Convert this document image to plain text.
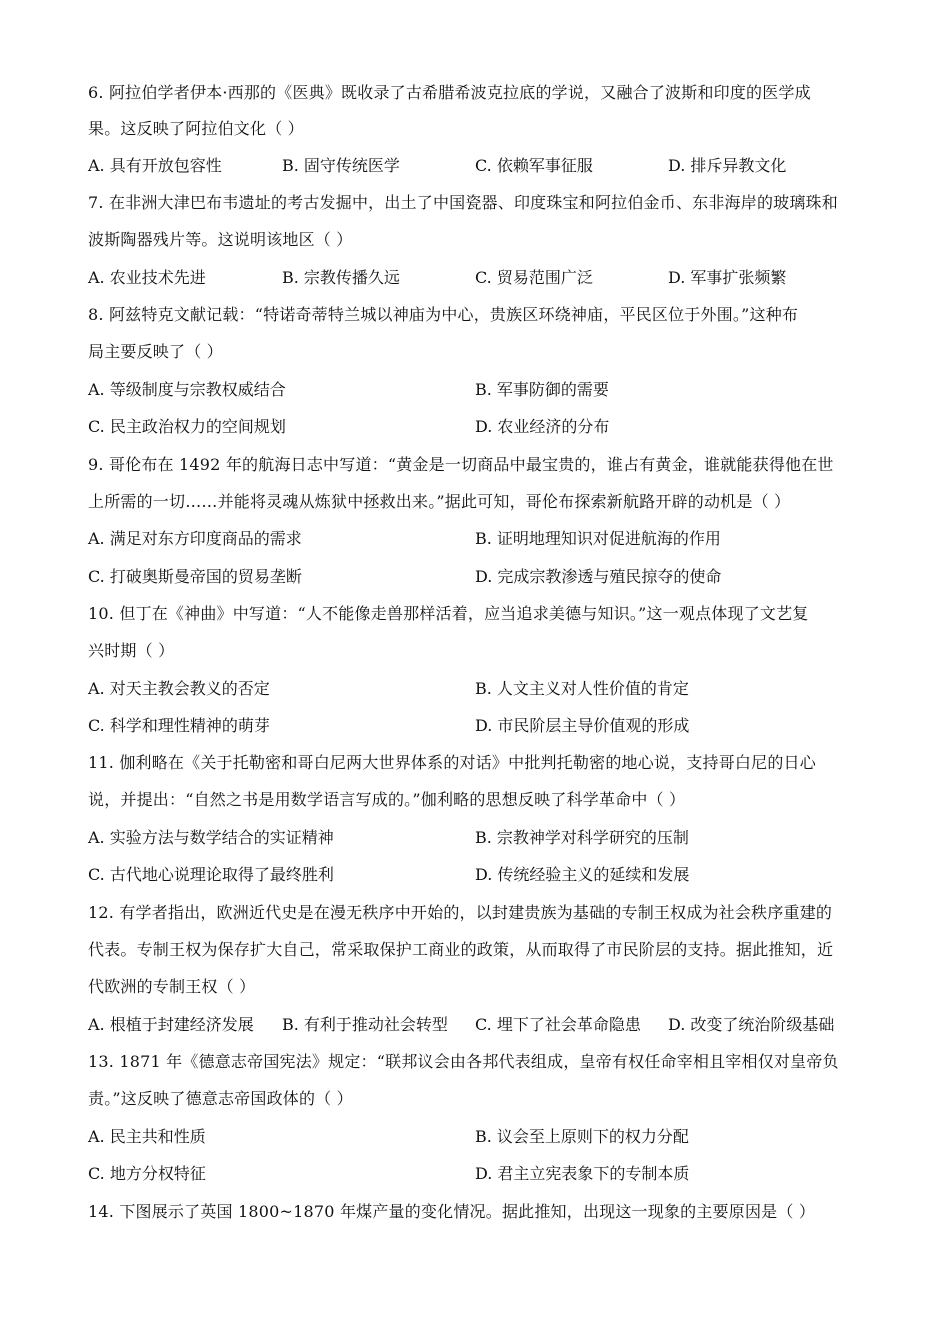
6. 阿拉伯学者伊本·西那的《医典》既收录了古希腊希波克拉底的学说，又融合了波斯和印度的医学成
果。这反映了阿拉伯文化（ ）
A. 具有开放包容性	B. 固守传统医学	C. 依赖军事征服	D. 排斥异教文化
7. 在非洲大津巴布韦遗址的考古发掘中，出土了中国瓷器、印度珠宝和阿拉伯金币、东非海岸的玻璃珠和
波斯陶器残片等。这说明该地区（ ）
A. 农业技术先进	B. 宗教传播久远	C. 贸易范围广泛	D. 军事扩张频繁
8. 阿兹特克文献记载：“特诺奇蒂特兰城以神庙为中心，贵族区环绕神庙，平民区位于外围。”这种布
局主要反映了（ ）
A. 等级制度与宗教权威结合	B. 军事防御的需要
C. 民主政治权力的空间规划	D. 农业经济的分布
9. 哥伦布在 1492 年的航海日志中写道：“黄金是一切商品中最宝贵的，谁占有黄金，谁就能获得他在世
上所需的一切……并能将灵魂从炼狱中拯救出来。”据此可知，哥伦布探索新航路开辟的动机是（ ）
A. 满足对东方印度商品的需求	B. 证明地理知识对促进航海的作用
C. 打破奥斯曼帝国的贸易垄断	D. 完成宗教渗透与殖民掠夺的使命
10. 但丁在《神曲》中写道：“人不能像走兽那样活着，应当追求美德与知识。”这一观点体现了文艺复
兴时期（ ）
A. 对天主教会教义的否定	B. 人文主义对人性价值的肯定
C. 科学和理性精神的萌芽	D. 市民阶层主导价值观的形成
11. 伽利略在《关于托勒密和哥白尼两大世界体系的对话》中批判托勒密的地心说，支持哥白尼的日心
说，并提出：“自然之书是用数学语言写成的。”伽利略的思想反映了科学革命中（ ）
A. 实验方法与数学结合的实证精神	B. 宗教神学对科学研究的压制
C. 古代地心说理论取得了最终胜利	D. 传统经验主义的延续和发展
12. 有学者指出，欧洲近代史是在漫无秩序中开始的，以封建贵族为基础的专制王权成为社会秩序重建的
代表。专制王权为保存扩大自己，常采取保护工商业的政策，从而取得了市民阶层的支持。据此推知，近
代欧洲的专制王权（ ）
A. 根植于封建经济发展 B. 有利于推动社会转型 C. 埋下了社会革命隐患 D. 改变了统治阶级基础
13. 1871 年《德意志帝国宪法》规定：“联邦议会由各邦代表组成，皇帝有权任命宰相且宰相仅对皇帝负
责。”这反映了德意志帝国政体的（ ）
A. 民主共和性质	B. 议会至上原则下的权力分配
C. 地方分权特征	D. 君主立宪表象下的专制本质
14. 下图展示了英国 1800~1870 年煤产量的变化情况。据此推知，出现这一现象的主要原因是（ ）
